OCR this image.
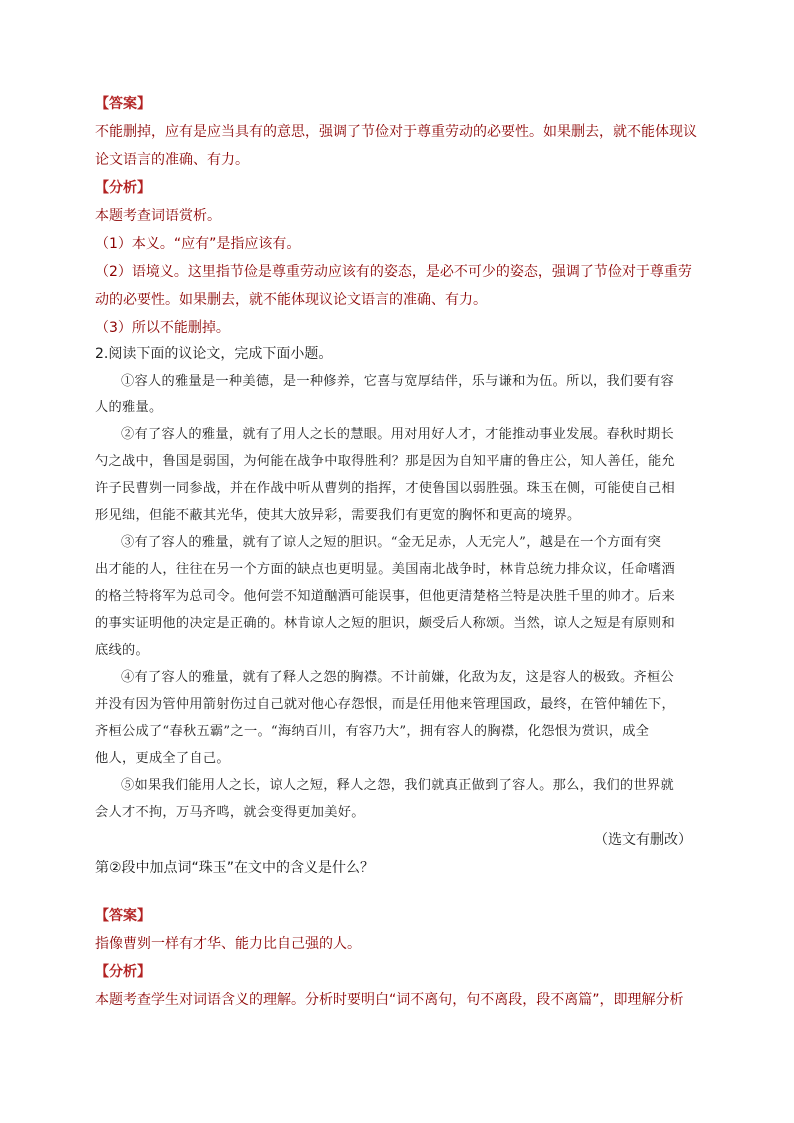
【答案】
不能删掉，应有是应当具有的意思，强调了节俭对于尊重劳动的必要性。如果删去，就不能体现议
论文语言的准确、有力。
【分析】
本题考查词语赏析。
（1）本义。“应有”是指应该有。
（2）语境义。这里指节俭是尊重劳动应该有的姿态，是必不可少的姿态，强调了节俭对于尊重劳
动的必要性。如果删去，就不能体现议论文语言的准确、有力。
（3）所以不能删掉。
2.阅读下面的议论文，完成下面小题。
①容人的雅量是一种美德，是一种修养，它喜与宽厚结伴，乐与谦和为伍。所以，我们要有容
人的雅量。
②有了容人的雅量，就有了用人之长的慧眼。用对用好人才，才能推动事业发展。春秋时期长
勺之战中，鲁国是弱国，为何能在战争中取得胜利？那是因为自知平庸的鲁庄公，知人善任，能允
许子民曹刿一同参战，并在作战中听从曹刿的指挥，才使鲁国以弱胜强。珠玉在侧，可能使自己相
形见绌，但能不蔽其光华，使其大放异彩，需要我们有更宽的胸怀和更高的境界。
③有了容人的雅量，就有了谅人之短的胆识。“金无足赤，人无完人”，越是在一个方面有突
出才能的人，往往在另一个方面的缺点也更明显。美国南北战争时，林肯总统力排众议，任命嗜酒
的格兰特将军为总司令。他何尝不知道酗酒可能误事，但他更清楚格兰特是决胜千里的帅才。后来
的事实证明他的决定是正确的。林肯谅人之短的胆识，颇受后人称颂。当然，谅人之短是有原则和
底线的。
④有了容人的雅量，就有了释人之怨的胸襟。不计前嫌，化敌为友，这是容人的极致。齐桓公
并没有因为管仲用箭射伤过自己就对他心存怨恨，而是任用他来管理国政，最终，在管仲辅佐下，
齐桓公成了“春秋五霸”之一。“海纳百川，有容乃大”，拥有容人的胸襟，化怨恨为赏识，成全
他人，更成全了自己。
⑤如果我们能用人之长，谅人之短，释人之怨，我们就真正做到了容人。那么，我们的世界就
会人才不拘，万马齐鸣，就会变得更加美好。
（选文有删改）
第②段中加点词“珠玉”在文中的含义是什么？
【答案】
指像曹刿一样有才华、能力比自己强的人。
【分析】
本题考查学生对词语含义的理解。分析时要明白“词不离句，句不离段，段不离篇”，即理解分析
